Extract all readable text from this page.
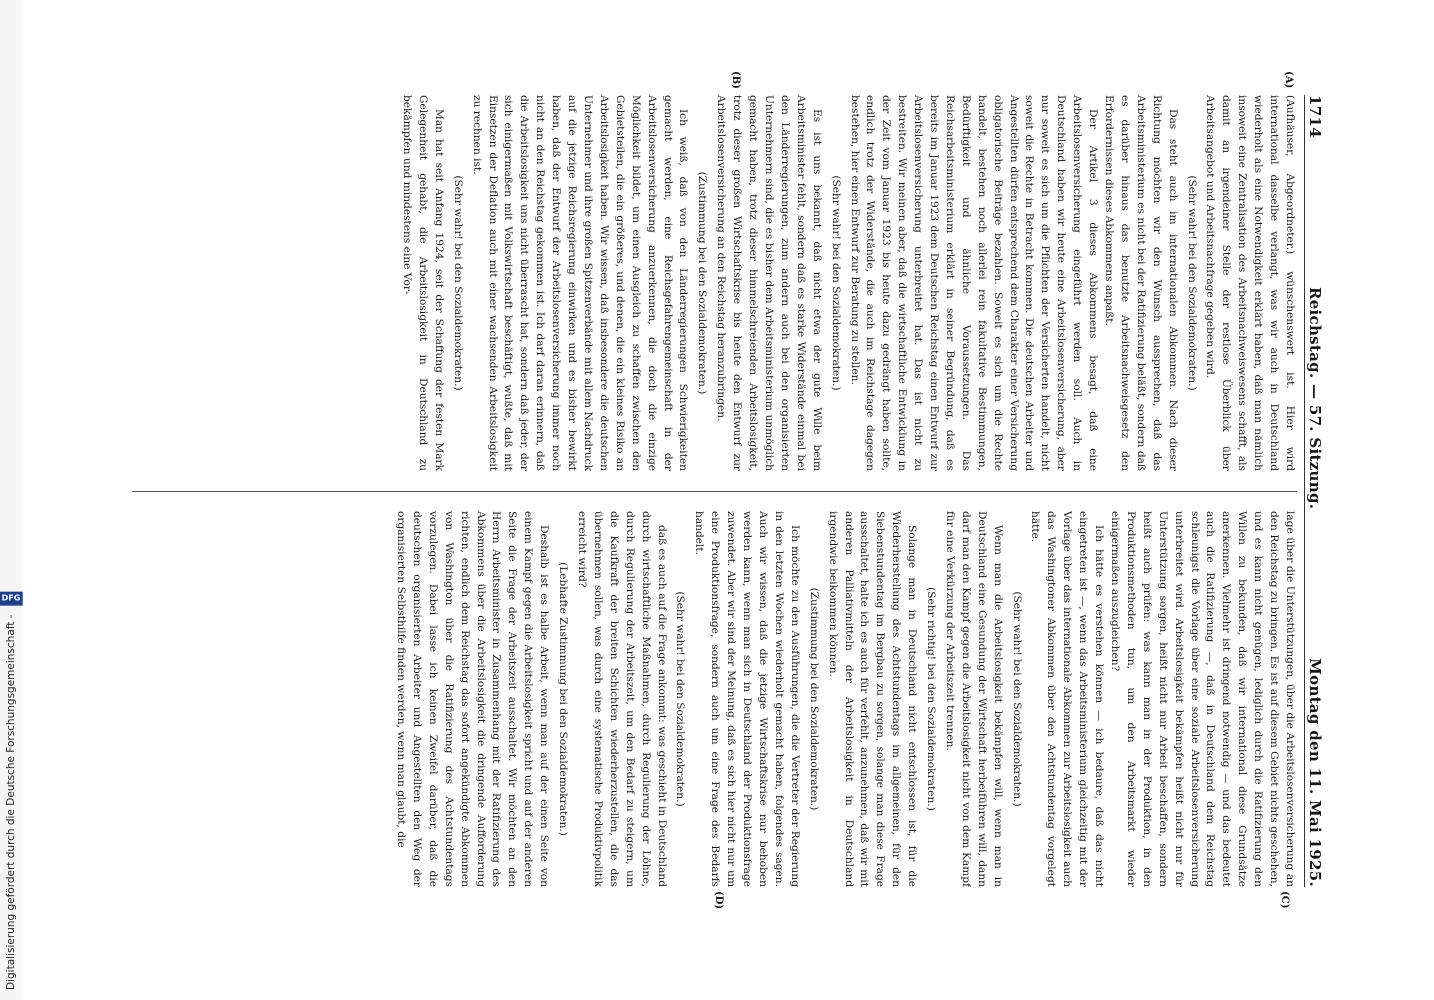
Digitalisierung gefördert durch die Deutsche Forschungsgemeinschaft -DFG
1714
Reichstag. — 57. Sitzung.
Montag den 11. Mai 1925.
(A)
(B)
(C)
(D)

(Aufhäuser, Abgeordneter.) wünschenswert ist. Hier wird international dasselbe verlangt, was wir auch in Deutschland wiederholt als eine Notwendigkeit erklärt haben, daß man nämlich insoweit eine Zentralisation des Arbeitsnachweiswesens schafft, als damit an irgendeiner Stelle der restlose Überblick über Arbeitsangebot und Arbeitsnachfrage gegeben wird.

(Sehr wahr! bei den Sozialdemokraten.)

Das steht auch im internationalen Abkommen. Nach dieser Richtung möchten wir den Wunsch aussprechen, daß das Arbeitsministerium es nicht bei der Ratifizierung beläßt, sondern daß es darüber hinaus das benutzte Arbeitsnachweisgesetz den Erfordernissen dieses Abkommens anpaßt.

Der Artikel 3 dieses Abkommens besagt, daß eine Arbeitslosenversicherung eingeführt werden soll. Auch in Deutschland haben wir heute eine Arbeitslosenversicherung, aber nur soweit es sich um die Pflichten der Versicherten handelt, nicht soweit die Rechte in Betracht kommen. Die deutschen Arbeiter und Angestellten dürfen entsprechend dem Charakter einer Versicherung obligatorische Beiträge bezahlen. Soweit es sich um die Rechte handelt, bestehen noch allerlei rein fakultative Bestimmungen, Bedürftigkeit und ähnliche Voraussetzungen. Das Reichsarbeitsministerium erklärt in seiner Begründung, daß es bereits im Januar 1923 dem Deutschen Reichstag einen Entwurf zur Arbeitslosenversicherung unterbreitet hat. Das ist nicht zu bestreiten. Wir meinen aber, daß die wirtschaftliche Entwicklung in der Zeit vom Januar 1923 bis heute dazu gedrängt haben sollte, endlich trotz der Widerstände, die auch im Reichstage dagegen bestehen, hier einen Entwurf zur Beratung zu stellen.

(Sehr wahr! bei den Sozialdemokraten.)

Es ist uns bekannt, daß nicht etwa der gute Wille beim Arbeitsminister fehlt, sondern daß es starke Widerstände einmal bei den Länderregierungen, zum andern auch bei den organisierten Unternehmern sind, die es bisher dem Arbeitsministerium unmöglich gemacht haben, trotz dieser himmelschreienden Arbeitslosigkeit, trotz dieser großen Wirtschaftskrise bis heute den Entwurf zur Arbeitslosenversicherung an den Reichstag heranzubringen.

(Zustimmung bei den Sozialdemokraten.)

Ich weiß, daß von den Länderregierungen Schwierigkeiten gemacht werden, eine Reichsgefahrengemeinschaft in der Arbeitslosenversicherung anzuerkennen, die doch die einzige Möglichkeit bildet, um einen Ausgleich zu schaffen zwischen den Gebietsteilen, die ein größeres, und denen, die ein kleines Risiko an Arbeitslosigkeit haben. Wir wissen, daß insbesondere die deutschen Unternehmer und ihre großen Spitzenverbände mit allem Nachdruck auf die jetzige Reichsregierung einwirken und es bisher bewirkt haben, daß der Entwurf der Arbeitslosenversicherung immer noch nicht an den Reichstag gekommen ist. Ich darf daran erinnern, daß die Arbeitslosigkeit uns nicht überrascht hat, sondern daß jeder, der sich einigermaßen mit Volkswirtschaft beschäftigt, wußte, daß mit Einsetzen der Deflation auch mit einer wachsenden Arbeitslosigkeit zu rechnen ist.

(Sehr wahr! bei den Sozialdemokraten.)

Man hat seit Anfang 1924, seit der Schaffung der festen Mark Gelegenheit gehabt, die Arbeitslosigkeit in Deutschland zu bekämpfen und mindestens eine Vor-

lage über die Unterstützungen, über die Arbeitslosenversicherung an den Reichstag zu bringen. Es ist auf diesem Gebiet nichts geschehen, und es kann nicht genügen, lediglich durch die Ratifizierung den Willen zu bekunden, daß wir international diese Grundsätze anerkennen. Vielmehr ist dringend notwendig — und das bedeutet auch die Ratifizierung —, daß in Deutschland dem Reichstag schleunigst die Vorlage über eine soziale Arbeitslosenversicherung unterbreitet wird. Arbeitslosigkeit bekämpfen heißt nicht nur für Unterstützung sorgen, heißt nicht nur Arbeit beschaffen, sondern heißt auch prüfen: was kann man in der Produktion, in den Produktionsmethoden tun, um den Arbeitsmarkt wieder einigermaßen auszugleichen?

Ich hätte es verstehen können — ich bedaure, daß das nicht eingetreten ist —, wenn das Arbeitsministerium gleichzeitig mit der Vorlage über das internationale Abkommen zur Arbeitslosigkeit auch das Washingtoner Abkommen über den Achtstundentag vorgelegt hätte.

(Sehr wahr! bei den Sozialdemokraten.)

Wenn man die Arbeitslosigkeit bekämpfen will, wenn man in Deutschland eine Gesundung der Wirtschaft herbeiführen will, dann darf man den Kampf gegen die Arbeitslosigkeit nicht von dem Kampf für eine Verkürzung der Arbeitszeit trennen.

(Sehr richtig! bei den Sozialdemokraten.)

Solange man in Deutschland nicht entschlossen ist, für die Wiederherstellung des Achtstundentags im allgemeinen, für den Siebenstundentag im Bergbau zu sorgen, solange man diese Frage ausschaltet, halte ich es auch für verfehlt, anzunehmen, daß wir mit anderen Palliativmitteln der Arbeitslosigkeit in Deutschland irgendwie beikommen können.

(Zustimmung bei den Sozialdemokraten.)

Ich möchte zu den Ausführungen, die die Vertreter der Regierung in den letzten Wochen wiederholt gemacht haben, folgendes sagen. Auch wir wissen, daß die jetzige Wirtschaftskrise nur behoben werden kann, wenn man sich in Deutschland der Produktionsfrage zuwendet. Aber wir sind der Meinung, daß es sich hier nicht nur um eine Produktionsfrage, sondern auch um eine Frage des Bedarfs handelt.

(Sehr wahr! bei den Sozialdemokraten.)

daß es auch auf die Frage ankommt: was geschieht in Deutschland durch wirtschaftliche Maßnahmen, durch Regulierung der Löhne, durch Regulierung der Arbeitszeit, um den Bedarf zu steigern, um die Kaufkraft der breiten Schichten wiederherzustellen, die das übernehmen sollen, was durch eine systematische Produktivpolitik erreicht wird?

(Lebhafte Zustimmung bei den Sozialdemokraten.)

Deshalb ist es halbe Arbeit, wenn man auf der einen Seite von einem Kampf gegen die Arbeitslosigkeit spricht und auf der anderen Seite die Frage der Arbeitszeit ausschaltet. Wir möchten an den Herrn Arbeitsminister in Zusammenhang mit der Ratifizierung des Abkommens über die Arbeitslosigkeit die dringende Aufforderung richten, endlich dem Reichstag das sofort angekündigte Abkommen von Washington über die Ratifizierung des Achtstundentags vorzulegen. Dabei lasse ich keinen Zweifel darüber, daß die deutschen organisierten Arbeiter und Angestellten den Weg der organisierten Selbsthilfe finden werden, wenn man glaubt, die
